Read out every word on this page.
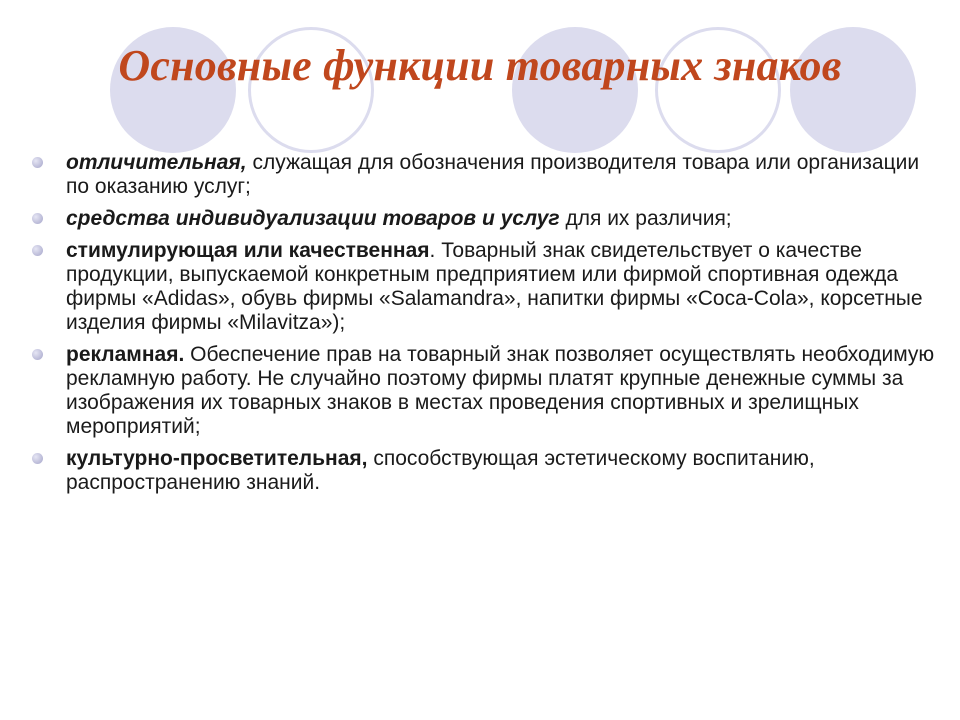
Основные функции товарных знаков
отличительная, служащая для обозначения производителя товара или организации по оказанию услуг;
средства индивидуализации товаров и услуг для их различия;
стимулирующая или качественная. Товарный знак свидетельствует о качестве продукции, выпускаемой конкретным предприятием или фирмой спортивная одежда фирмы «Adidas», обувь фирмы «Salamandra», напитки фирмы «Coca-Cola», корсетные изделия фирмы «Milavitza»);
рекламная. Обеспечение прав на товарный знак позволяет осуществлять необходимую рекламную работу. Не случайно поэтому фирмы платят крупные денежные суммы за изображения их товарных знаков в местах проведения спортивных и зрелищных мероприятий;
культурно-просветительная, способствующая эстетическому воспитанию, распространению знаний.
